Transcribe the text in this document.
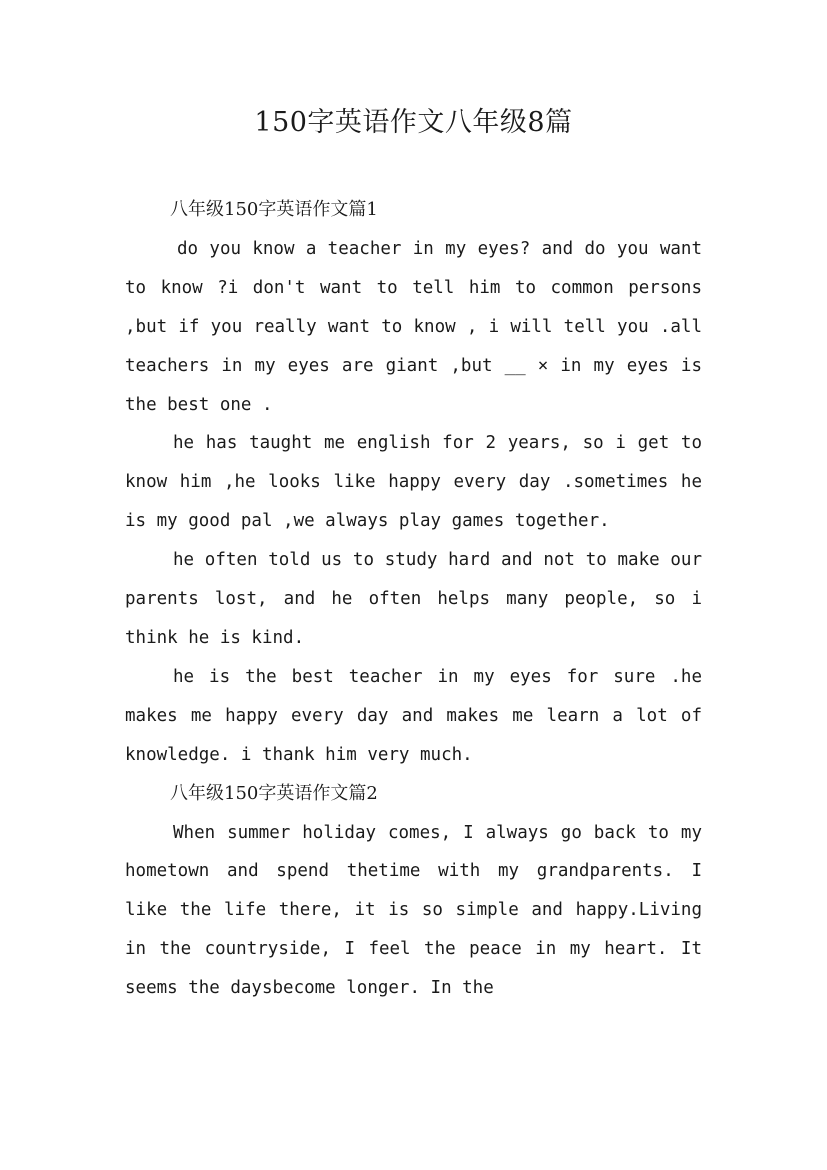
150字英语作文八年级8篇

八年级150字英语作文篇1

do you know a teacher in my eyes? and do you want to know ?i don't want to tell him to common persons ,but if you really want to know , i will tell you .all teachers in my eyes are giant ,but __ × in my eyes is the best one .

he has taught me english for 2 years, so i get to know him ,he looks like happy every day .sometimes he is my good pal ,we always play games together.

he often told us to study hard and not to make our parents lost, and he often helps many people, so i think he is kind.

he is the best teacher in my eyes for sure .he makes me happy every day and makes me learn a lot of knowledge. i thank him very much.

八年级150字英语作文篇2

When summer holiday comes, I always go back to my hometown and spend thetime with my grandparents. I like the life there, it is so simple and happy.Living in the countryside, I feel the peace in my heart. It seems the daysbecome longer. In the
